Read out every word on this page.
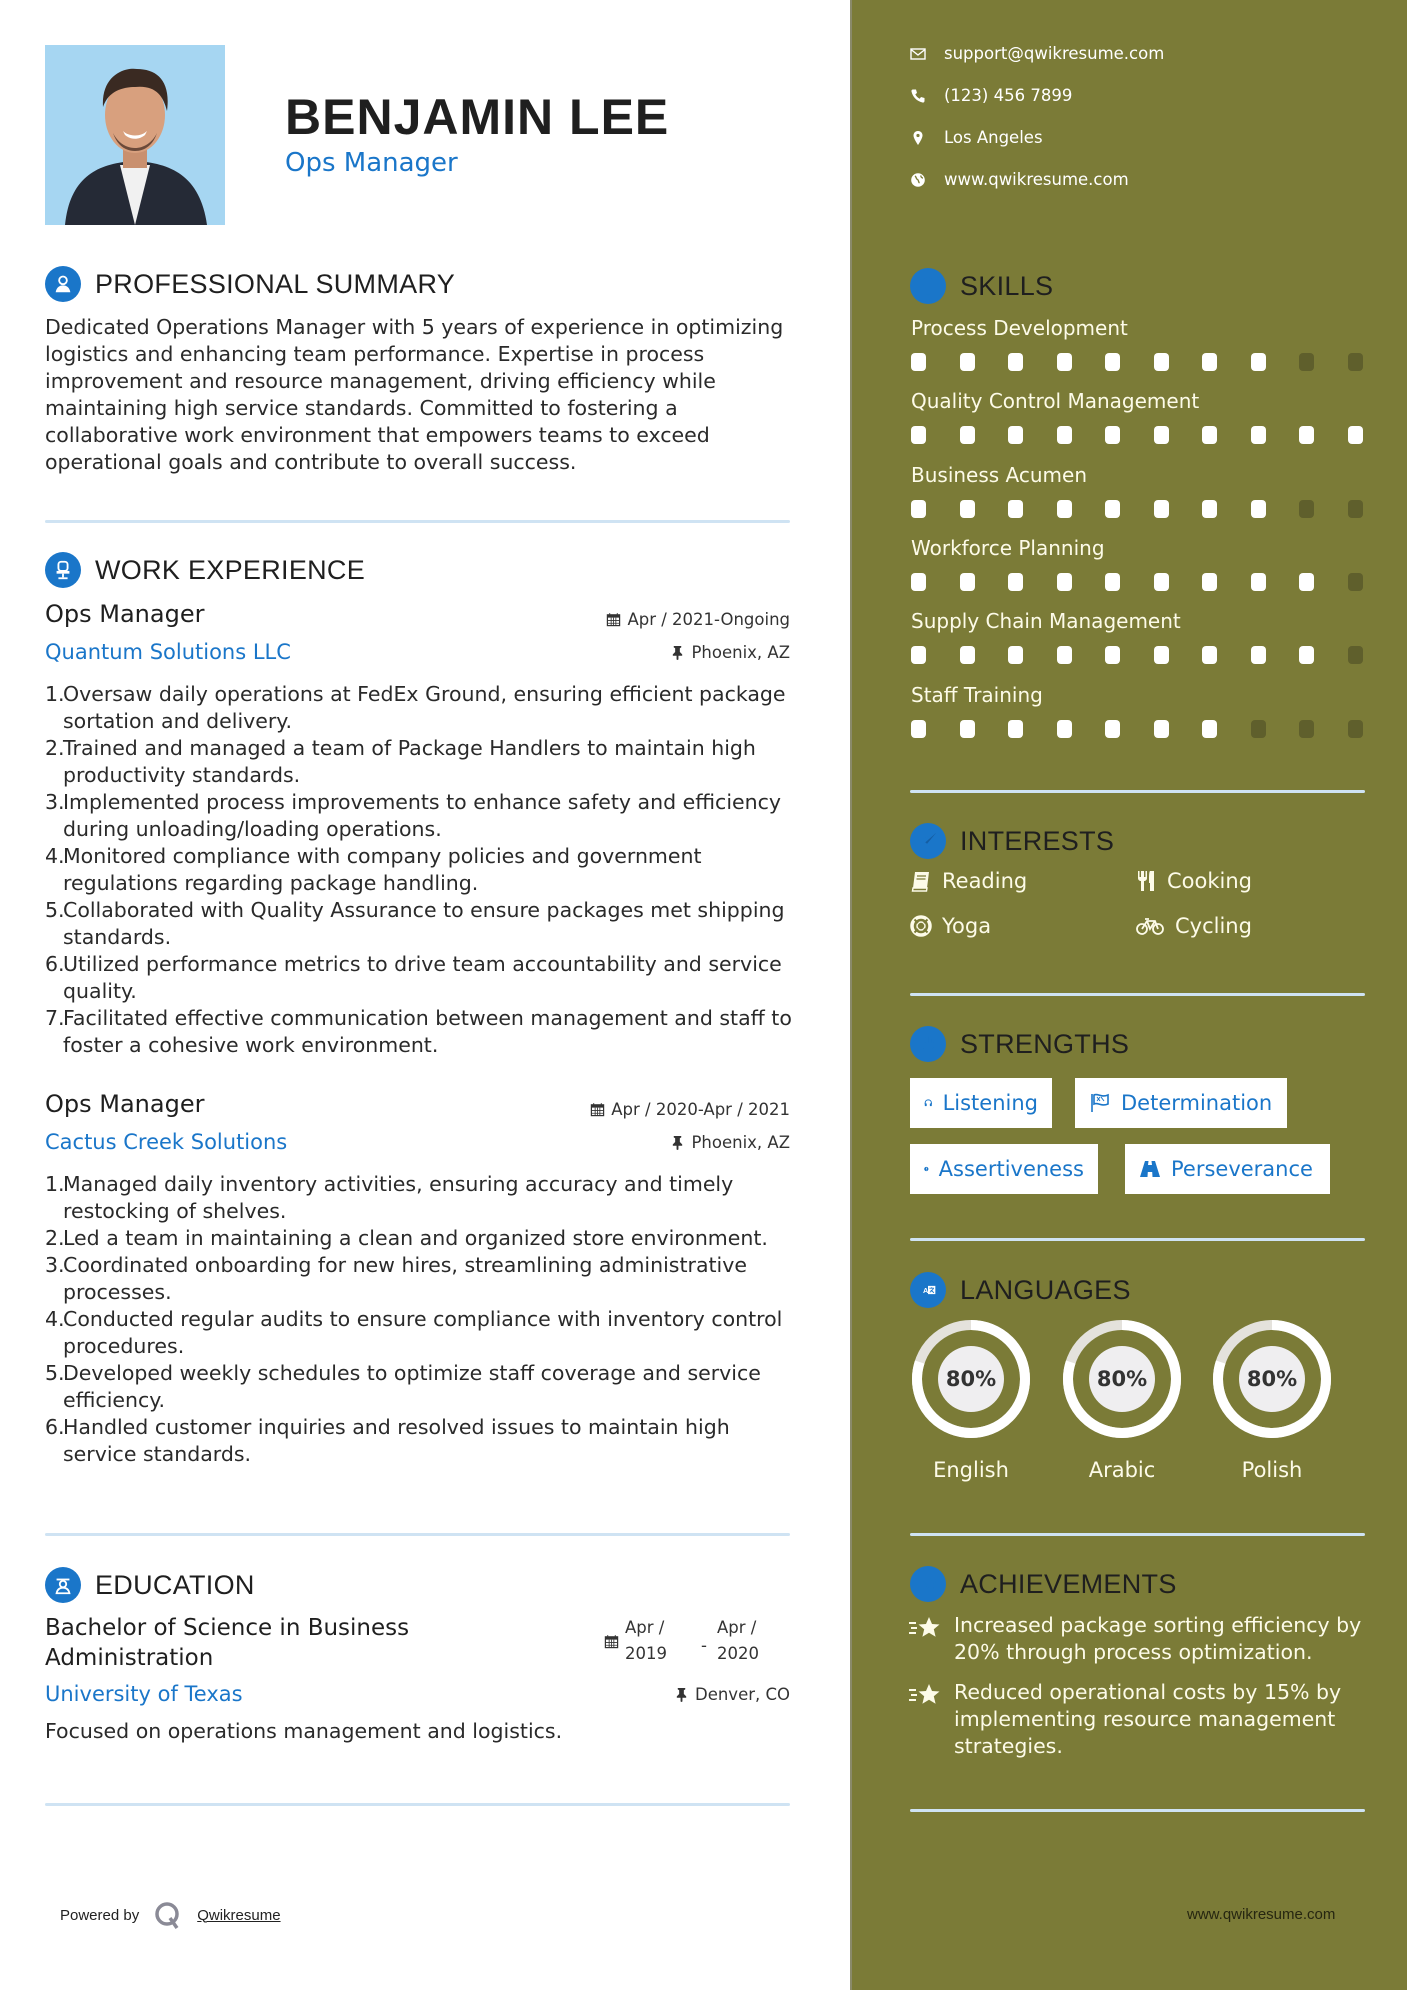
BENJAMIN LEE
Ops Manager
PROFESSIONAL SUMMARY
Dedicated Operations Manager with 5 years of experience in optimizing logistics and enhancing team performance. Expertise in process improvement and resource management, driving efficiency while maintaining high service standards. Committed to fostering a collaborative work environment that empowers teams to exceed operational goals and contribute to overall success.
WORK EXPERIENCE
Ops Manager	Apr / 2021-Ongoing
Quantum Solutions LLC	Phoenix, AZ
1.
Oversaw daily operations at FedEx Ground, ensuring efficient package sortation and delivery.
2.
Trained and managed a team of Package Handlers to maintain high productivity standards.
3.
Implemented process improvements to enhance safety and efficiency during unloading/loading operations.
4.
Monitored compliance with company policies and government regulations regarding package handling.
5.
Collaborated with Quality Assurance to ensure packages met shipping standards.
6.
Utilized performance metrics to drive team accountability and service quality.
7.
Facilitated effective communication between management and staff to foster a cohesive work environment.
Ops Manager	Apr / 2020-Apr / 2021
Cactus Creek Solutions	Phoenix, AZ
1.
Managed daily inventory activities, ensuring accuracy and timely restocking of shelves.
2.
Led a team in maintaining a clean and organized store environment.
3.
Coordinated onboarding for new hires, streamlining administrative processes.
4.
Conducted regular audits to ensure compliance with inventory control procedures.
5.
Developed weekly schedules to optimize staff coverage and service efficiency.
6.
Handled customer inquiries and resolved issues to maintain high service standards.
EDUCATION
Bachelor of Science in Business
Administration
Apr /
2019	-
Apr /
2020
University of Texas	Denver, CO
Focused on operations management and logistics.
Powered by	Qwikresume
support@qwikresume.com
(123) 456 7899
Los Angeles
www.qwikresume.com
SKILLS
Process Development
Quality Control Management
Business Acumen
Workforce Planning
Supply Chain Management
Staff Training
INTERESTS
Reading	Cooking
Yoga	Cycling
STRENGTHS
Listening	Determination
Assertiveness	Perseverance
A LANGUAGES
80%
English
80%
Arabic
80%
Polish
ACHIEVEMENTS
Increased package sorting efficiency by 20% through process optimization.
Reduced operational costs by 15% by implementing resource management strategies.
www.qwikresume.com
